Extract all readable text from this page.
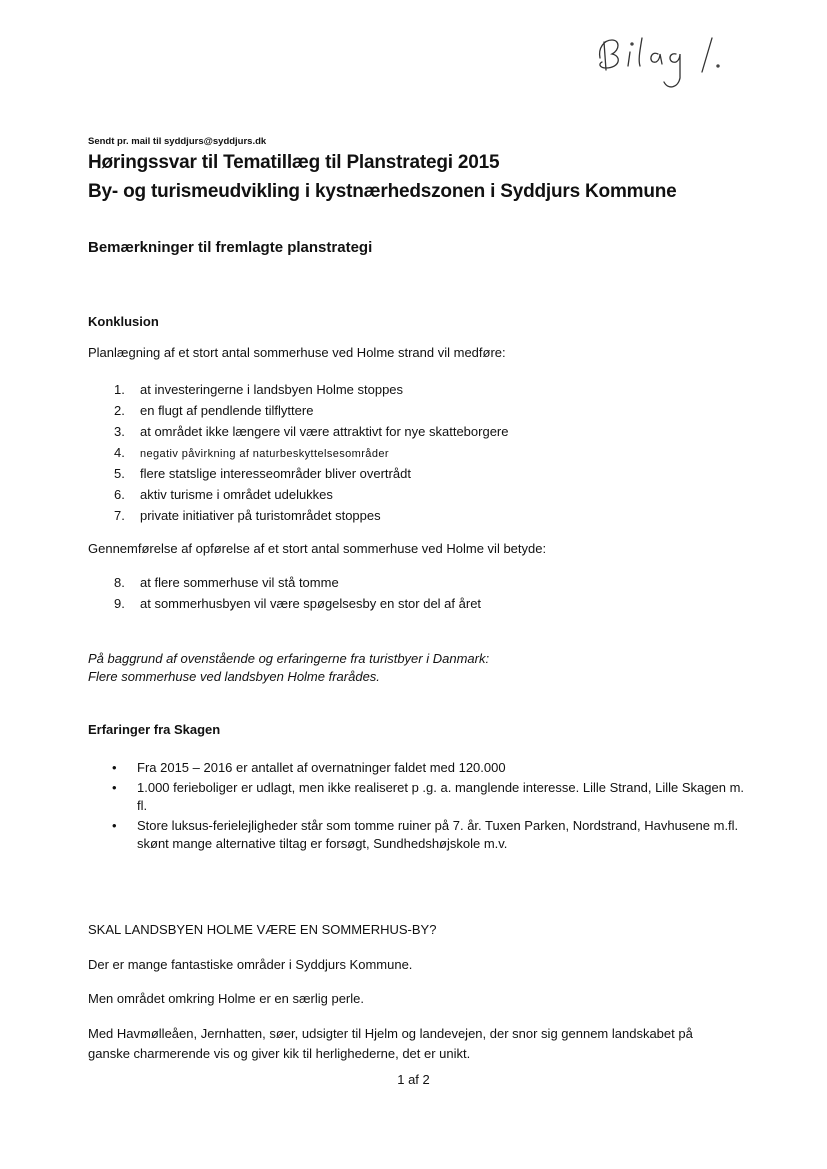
Sendt pr. mail til syddjurs@syddjurs.dk
Høringssvar til Tematillæg til Planstrategi 2015
By- og turismeudvikling i kystnærhedszonen i Syddjurs Kommune
Bemærkninger til fremlagte planstrategi
Konklusion
Planlægning af et stort antal sommerhuse ved Holme strand vil medføre:
1. at investeringerne i landsbyen Holme stoppes
2. en flugt af pendlende tilflyttere
3. at området ikke længere vil være attraktivt for nye skatteborgere
4. negativ påvirkning af naturbeskyttelsesområder
5. flere statslige interesseområder bliver overtrådt
6. aktiv turisme i området udelukkes
7. private initiativer på turistområdet stoppes
Gennemførelse af opførelse af et stort antal sommerhuse ved Holme vil betyde:
8. at flere sommerhuse vil stå tomme
9. at sommerhusbyen vil være spøgelsesby en stor del af året
På baggrund af ovenstående og erfaringerne fra turistbyer i Danmark:
Flere sommerhuse ved landsbyen Holme frarådes.
Erfaringer fra Skagen
• Fra 2015 – 2016 er antallet af overnatninger faldet med 120.000
• 1.000 ferieboliger er udlagt, men ikke realiseret p .g. a. manglende interesse. Lille Strand, Lille Skagen m. fl.
• Store luksus-ferielejligheder står som tomme ruiner på 7. år. Tuxen Parken, Nordstrand, Havhusene m.fl. skønt mange alternative tiltag er forsøgt, Sundhedshøjskole m.v.
SKAL LANDSBYEN HOLME VÆRE EN SOMMERHUS-BY?
Der er mange fantastiske områder i Syddjurs Kommune.
Men området omkring Holme er en særlig perle.
Med Havmølleåen, Jernhatten, søer, udsigter til Hjelm og landevejen, der snor sig gennem landskabet på
ganske charmerende vis og giver kik til herlighederne, det er unikt.
1 af 2
